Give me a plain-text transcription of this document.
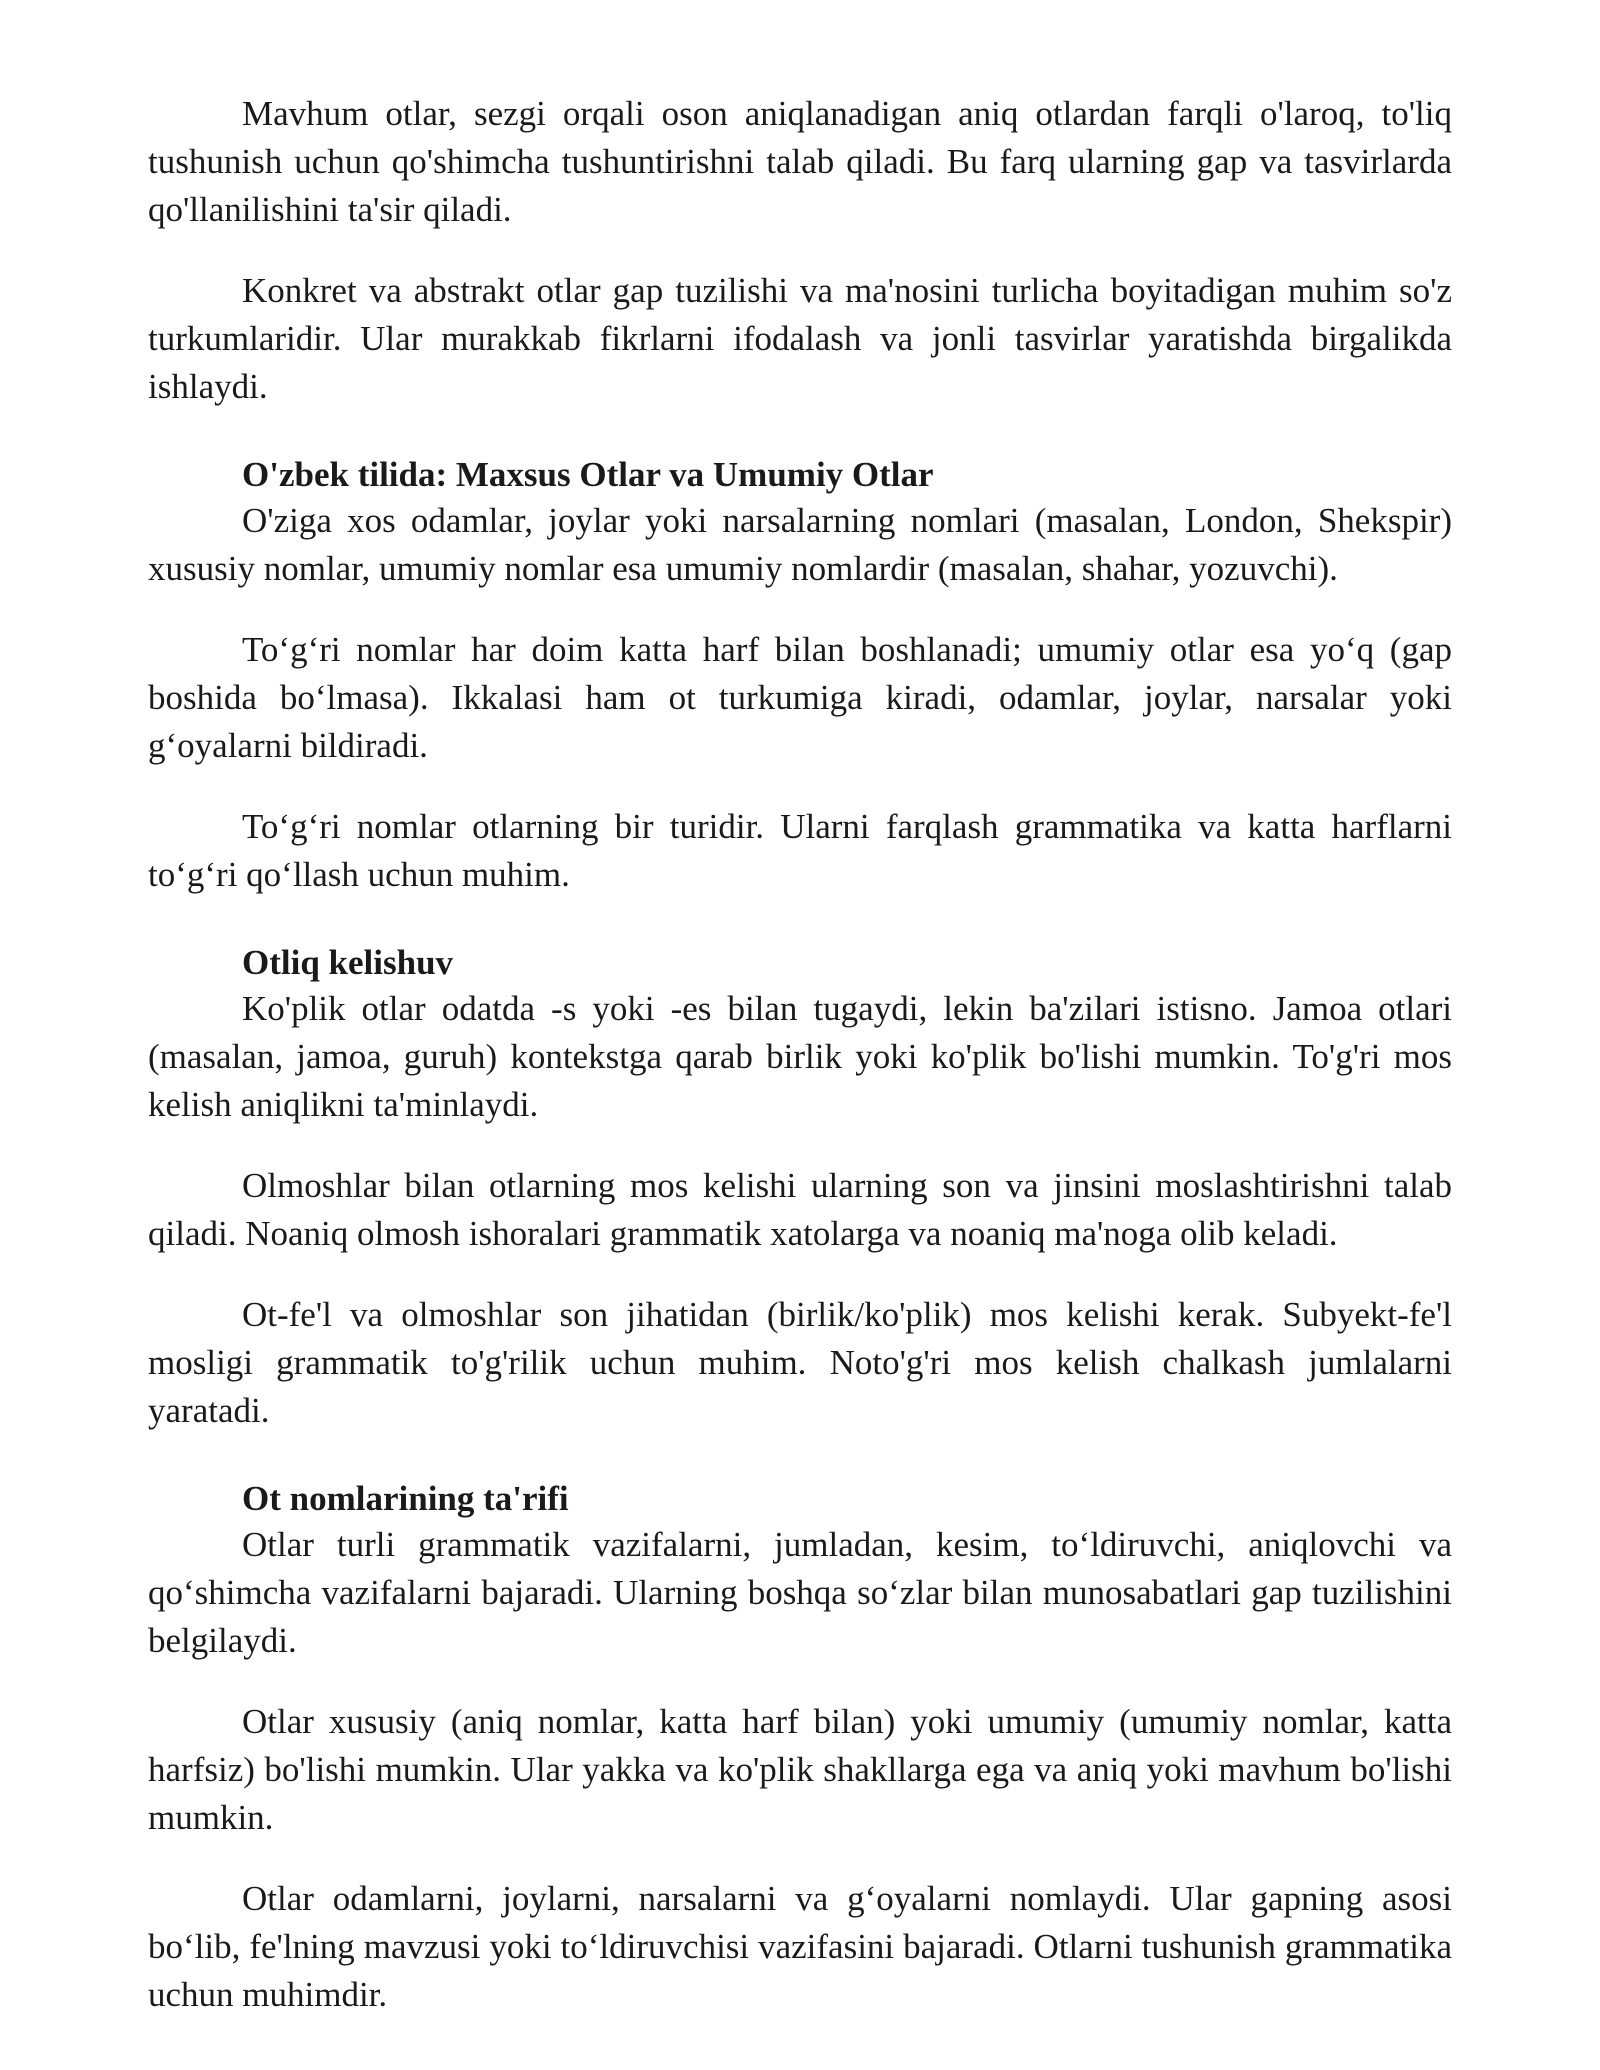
Mavhum otlar, sezgi orqali oson aniqlanadigan aniq otlardan farqli o'laroq, to'liq tushunish uchun qo'shimcha tushuntirishni talab qiladi. Bu farq ularning gap va tasvirlarda qo'llanilishini ta'sir qiladi.

Konkret va abstrakt otlar gap tuzilishi va ma'nosini turlicha boyitadigan muhim so'z turkumlaridir. Ular murakkab fikrlarni ifodalash va jonli tasvirlar yaratishda birgalikda ishlaydi.

O'zbek tilida: Maxsus Otlar va Umumiy Otlar

O'ziga xos odamlar, joylar yoki narsalarning nomlari (masalan, London, Shekspir) xususiy nomlar, umumiy nomlar esa umumiy nomlardir (masalan, shahar, yozuvchi).

To‘g‘ri nomlar har doim katta harf bilan boshlanadi; umumiy otlar esa yo‘q (gap boshida bo‘lmasa). Ikkalasi ham ot turkumiga kiradi, odamlar, joylar, narsalar yoki g‘oyalarni bildiradi.

To‘g‘ri nomlar otlarning bir turidir. Ularni farqlash grammatika va katta harflarni to‘g‘ri qo‘llash uchun muhim.

Otliq kelishuv

Ko'plik otlar odatda -s yoki -es bilan tugaydi, lekin ba'zilari istisno. Jamoa otlari (masalan, jamoa, guruh) kontekstga qarab birlik yoki ko'plik bo'lishi mumkin. To'g'ri mos kelish aniqlikni ta'minlaydi.

Olmoshlar bilan otlarning mos kelishi ularning son va jinsini moslashtirishni talab qiladi. Noaniq olmosh ishoralari grammatik xatolarga va noaniq ma'noga olib keladi.

Ot-fe'l va olmoshlar son jihatidan (birlik/ko'plik) mos kelishi kerak. Subyekt-fe'l mosligi grammatik to'g'rilik uchun muhim. Noto'g'ri mos kelish chalkash jumlalarni yaratadi.

Ot nomlarining ta'rifi

Otlar turli grammatik vazifalarni, jumladan, kesim, to‘ldiruvchi, aniqlovchi va qo‘shimcha vazifalarni bajaradi. Ularning boshqa so‘zlar bilan munosabatlari gap tuzilishini belgilaydi.

Otlar xususiy (aniq nomlar, katta harf bilan) yoki umumiy (umumiy nomlar, katta harfsiz) bo'lishi mumkin. Ular yakka va ko'plik shakllarga ega va aniq yoki mavhum bo'lishi mumkin.

Otlar odamlarni, joylarni, narsalarni va g‘oyalarni nomlaydi. Ular gapning asosi bo‘lib, fe'lning mavzusi yoki to‘ldiruvchisi vazifasini bajaradi. Otlarni tushunish grammatika uchun muhimdir.
